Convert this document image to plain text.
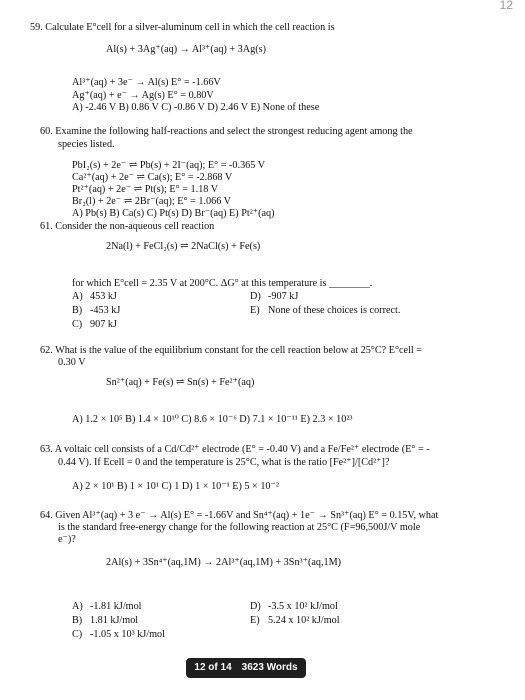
12
59. Calculate E°cell for a silver-aluminum cell in which the cell reaction is
Al(s) + 3Ag⁺(aq) → Al³⁺(aq) + 3Ag(s)
Al³⁺(aq) + 3e⁻ → Al(s) E° = -1.66V
Ag⁺(aq) + e⁻ → Ag(s) E° = 0.80V
A) -2.46 V B) 0.86 V C) -0.86 V D) 2.46 V E) None of these
60. Examine the following half-reactions and select the strongest reducing agent among the
species listed.
PbI₂(s) + 2e⁻ ⇌ Pb(s) + 2I⁻(aq); E° = -0.365 V
Ca²⁺(aq) + 2e⁻ ⇌ Ca(s); E° = -2.868 V
Pt²⁺(aq) + 2e⁻ ⇌ Pt(s); E° = 1.18 V
Br₂(l) + 2e⁻ ⇌ 2Br⁻(aq); E° = 1.066 V
A) Pb(s) B) Ca(s) C) Pt(s) D) Br⁻(aq) E) Pt²⁺(aq)
61. Consider the non-aqueous cell reaction
2Na(l) + FeCl₂(s) ⇌ 2NaCl(s) + Fe(s)
for which E°cell = 2.35 V at 200°C. ΔG° at this temperature is ________.
A) 453 kJ	D) -907 kJ
B) -453 kJ	E) None of these choices is correct.
C) 907 kJ
62. What is the value of the equilibrium constant for the cell reaction below at 25°C? E°cell =
0.30 V
Sn²⁺(aq) + Fe(s) ⇌ Sn(s) + Fe²⁺(aq)
A) 1.2 × 10⁵ B) 1.4 × 10¹⁰ C) 8.6 × 10⁻⁶ D) 7.1 × 10⁻¹¹ E) 2.3 × 10²³
63. A voltaic cell consists of a Cd/Cd²⁺ electrode (E° = -0.40 V) and a Fe/Fe²⁺ electrode (E° = -
0.44 V). If Ecell = 0 and the temperature is 25°C, what is the ratio [Fe²⁺]/[Cd²⁺]?
A) 2 × 10¹ B) 1 × 10¹ C) 1 D) 1 × 10⁻¹ E) 5 × 10⁻²
64. Given Al³⁺(aq) + 3 e⁻ → Al(s) E° = -1.66V and Sn⁴⁺(aq) + 1e⁻ → Sn³⁺(aq) E° = 0.15V, what
is the standard free-energy change for the following reaction at 25°C (F=96,500J/V mole
e⁻)?
2Al(s) + 3Sn⁴⁺(aq,1M) → 2Al³⁺(aq,1M) + 3Sn³⁺(aq,1M)
A) -1.81 kJ/mol	D) -3.5 x 10² kJ/mol
B) 1.81 kJ/mol	E) 5.24 x 10² kJ/mol
C) -1.05 x 10³ kJ/mol
12 of 14 3623 Words
